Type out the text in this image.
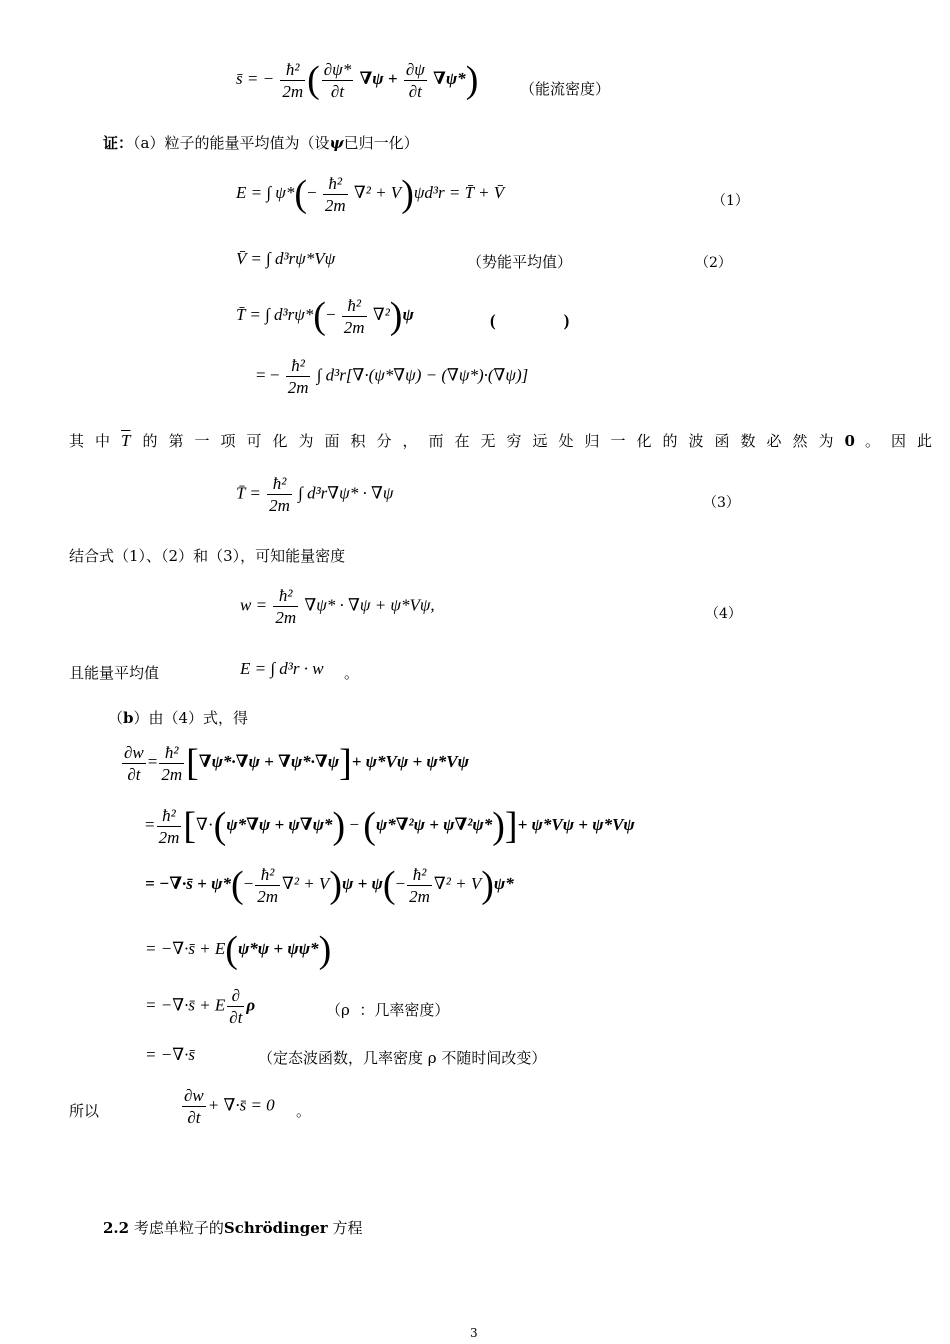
s̄ = − $\frac{\text{ħ²}}{2m}$ ( $\frac{\partial\psi*}{\partial t} \nabla\psi + \frac{\partial\psi}{\partial t} \nabla\psi*$)	（能流密度）
证：（a）粒子的能量平均值为（设ψ已归一化）
E = ∫ $\psi*(- \frac{\text{ħ²}}{2m} \nabla^2 + V)\psi d^3r$ = T̄ + V̄	（1）
V̄ = ∫ d³rψ*Vψ	（势能平均值）	（2）
T̄ = ∫ $d^3r\psi*(- \frac{\text{ħ²}}{2m} \nabla^2)\psi$	(                )
= − $\frac{\text{ħ²}}{2m}$ ∫ d³r[∇·(ψ*∇ψ) − (∇ψ*)·(∇ψ)]
其中$\overline{T}$ 的第一项可化为面积分，而在无穷远处归一化的波函数必然为0 。因此
T̄ = $\frac{\text{ħ²}}{2m}$ ∫ d³r∇ψ* · ∇ψ
（3）
结合式（1）、（2）和（3），可知能量密度
$w = \frac{\text{ħ²}}{2m} \nabla\psi* \cdot \nabla\psi + \psi*V\psi$,	（4）
且能量平均值	E = ∫ d³r · w 。
（b）由（4）式，得
$\frac{\partial w}{\partial t} = \frac{\text{ħ²}}{2m} [\nabla\psi*\cdot\nabla\psi + \nabla\psi*\cdot\nabla\psi]+ \psi*V\psi + \psi*V\psi$
= $\frac{\text{ħ²}}{2m} [\nabla\cdot(\psi*\nabla\psi + \psi\nabla\psi*) - (\psi*\nabla^2\psi + \psi\nabla^2\psi*)]+ \psi*V\psi + \psi*V\psi$
= −∇·s̄ + $\psi*(- \frac{\text{ħ²}}{2m} \nabla^2 + V)\psi + \psi(- \frac{\text{ħ²}}{2m} \nabla^2 + V)\psi*$
= −∇·s̄ + E(ψ*ψ + ψψ*)
= −∇·s̄ + E $\frac{\partial}{\partial t}$ ρ	（ρ  ：几率密度）
= −∇·s̄	（定态波函数，几率密度 ρ 不随时间改变）
所以	$\frac{\partial w}{\partial t}$ + ∇·s̄ = 0 。
2.2 考虑单粒子的Schrödinger 方程
3
